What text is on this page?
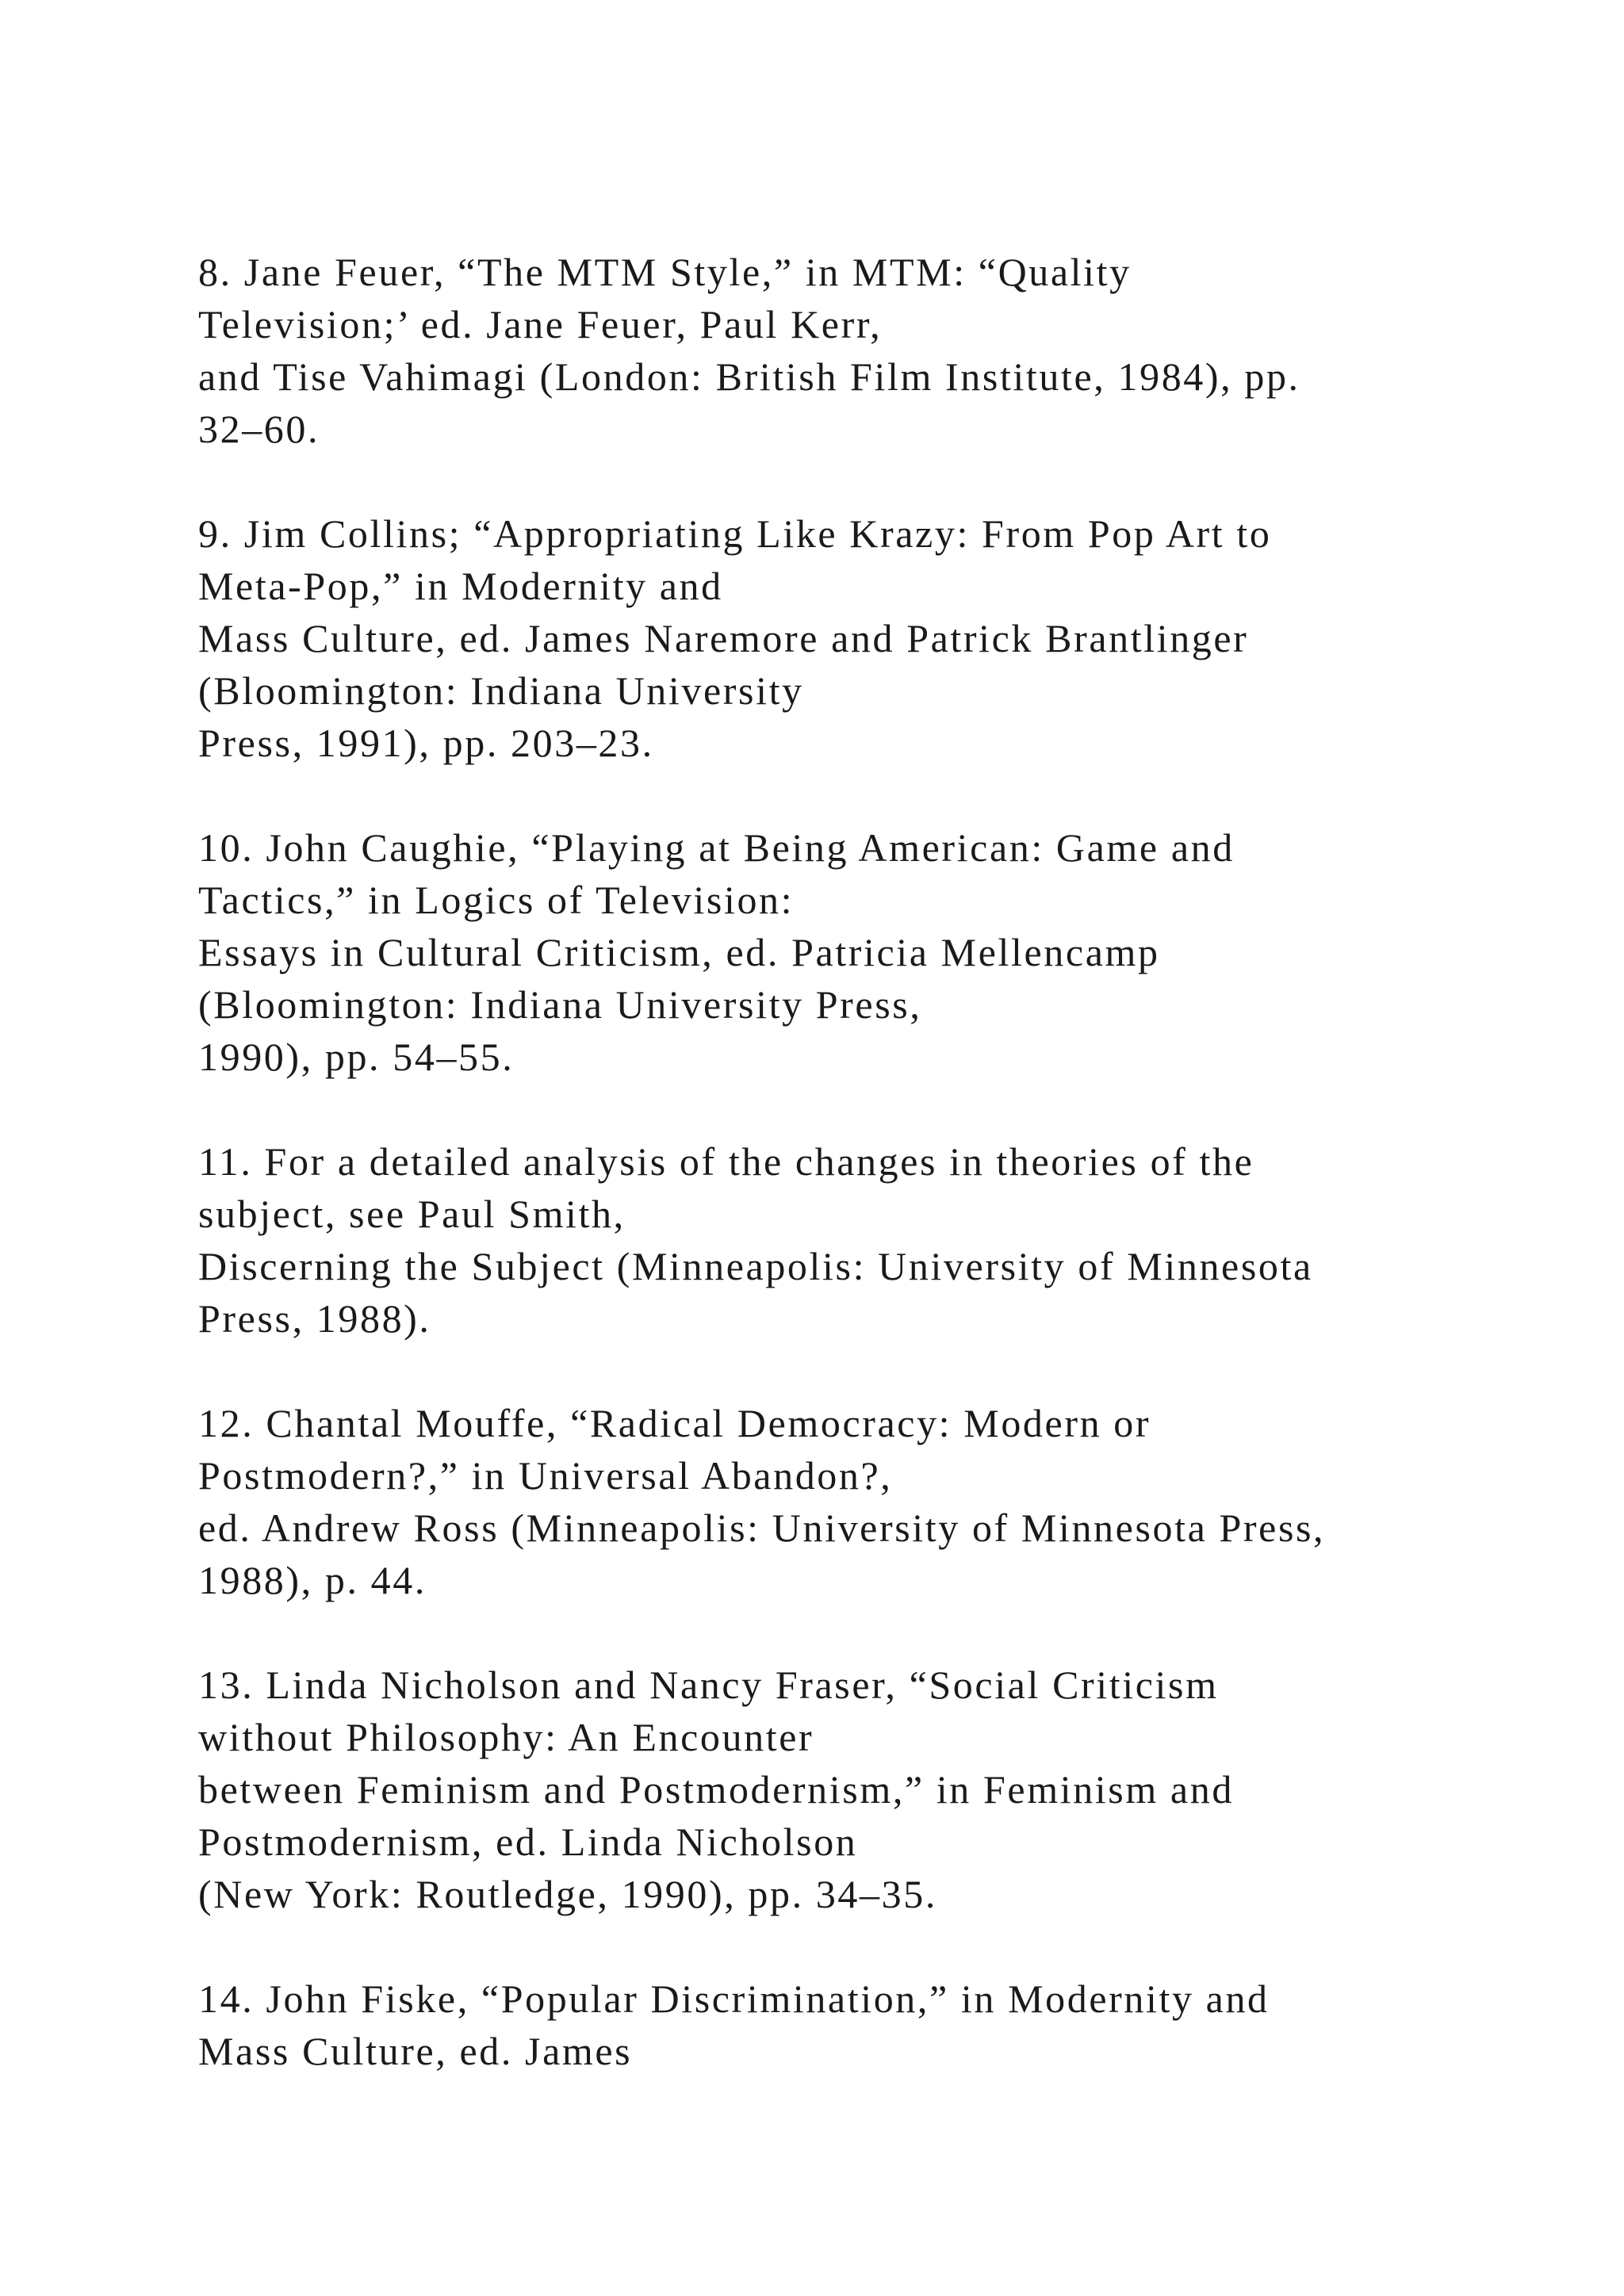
8. Jane Feuer, “The MTM Style,” in MTM: “Quality
Television;’ ed. Jane Feuer, Paul Kerr,
and Tise Vahimagi (London: British Film Institute, 1984), pp.
32–60.
9. Jim Collins; “Appropriating Like Krazy: From Pop Art to
Meta-Pop,” in Modernity and
Mass Culture, ed. James Naremore and Patrick Brantlinger
(Bloomington: Indiana University
Press, 1991), pp. 203–23.
10. John Caughie, “Playing at Being American: Game and
Tactics,” in Logics of Television:
Essays in Cultural Criticism, ed. Patricia Mellencamp
(Bloomington: Indiana University Press,
1990), pp. 54–55.
11. For a detailed analysis of the changes in theories of the
subject, see Paul Smith,
Discerning the Subject (Minneapolis: University of Minnesota
Press, 1988).
12. Chantal Mouffe, “Radical Democracy: Modern or
Postmodern?,” in Universal Abandon?,
ed. Andrew Ross (Minneapolis: University of Minnesota Press,
1988), p. 44.
13. Linda Nicholson and Nancy Fraser, “Social Criticism
without Philosophy: An Encounter
between Feminism and Postmodernism,” in Feminism and
Postmodernism, ed. Linda Nicholson
(New York: Routledge, 1990), pp. 34–35.
14. John Fiske, “Popular Discrimination,” in Modernity and
Mass Culture, ed. James
